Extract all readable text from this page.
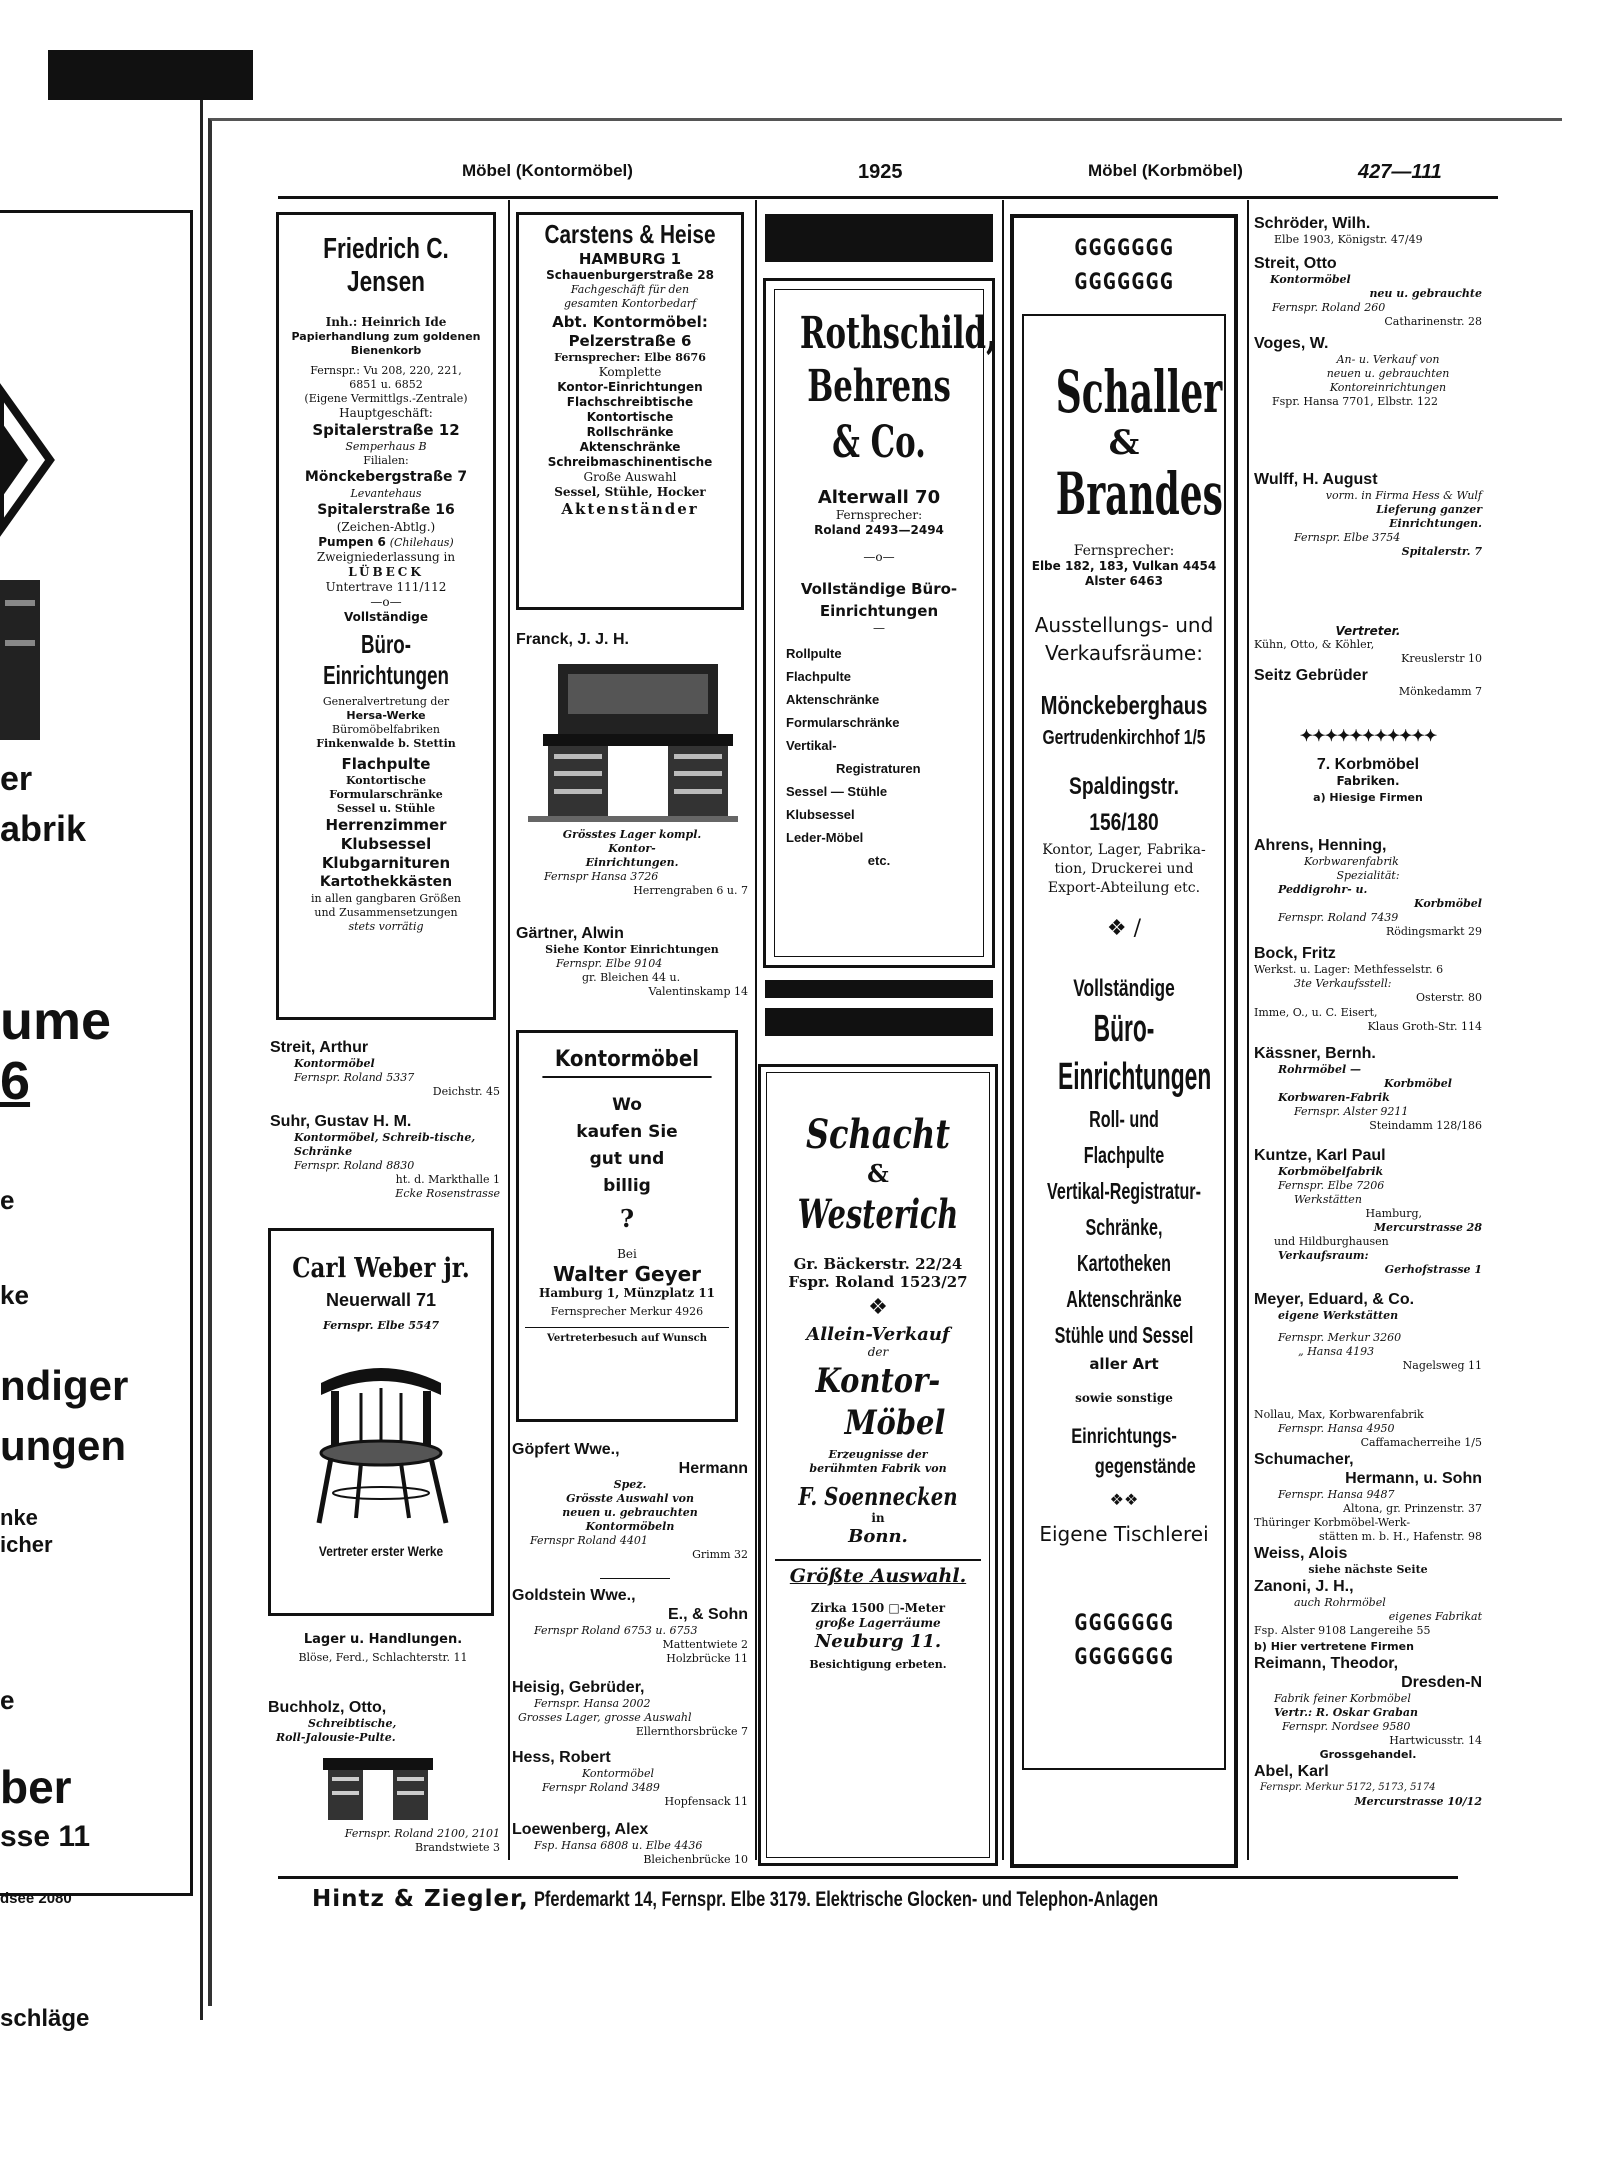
er
abrik
ume
6
e
ke
ndiger
ungen
nke
icher
e
ber
sse 11
dsee 2080
schläge
Möbel (Kontormöbel)	1925	Möbel (Korbmöbel)	427—111
Friedrich C. Jensen
Inh.: Heinrich Ide
Papierhandlung zum goldenen
Bienenkorb
Fernspr.: Vu 208, 220, 221,
6851 u. 6852
(Eigene Vermittlgs.-Zentrale)
Hauptgeschäft:
Spitalerstraße 12
Semperhaus B
Filialen:
Mönckebergstraße 7
Levantehaus
Spitalerstraße 16
(Zeichen-Abtlg.)
Pumpen 6 (Chilehaus)
Zweigniederlassung in
LÜBECK
Untertrave 111/112
—o—
Vollständige
Büro-Einrichtungen
Generalvertretung der
Hersa-Werke
Büromöbelfabriken
Finkenwalde b. Stettin
Flachpulte
Kontortische
Formularschränke
Sessel u. Stühle
Herrenzimmer
Klubsessel
Klubgarnituren
Kartothekkästen
in allen gangbaren Größen
und Zusammensetzungen
stets vorrätig
Streit, Arthur
Kontormöbel
Fernspr. Roland 5337
Deichstr. 45
Suhr, Gustav H. M.
Kontormöbel, Schreib-tische, Schränke
Fernspr. Roland 8830
ht. d. Markthalle 1
Ecke Rosenstrasse
Carl Weber jr.
Neuerwall 71
Fernspr. Elbe 5547
Vertreter erster Werke
Lager u. Handlungen.
Blöse, Ferd., Schlachterstr. 11
Buchholz, Otto,
Schreibtische,
Roll-Jalousie-Pulte.
Fernspr. Roland 2100, 2101
Brandstwiete 3
Carstens & Heise
HAMBURG 1
Schauenburgerstraße 28
Fachgeschäft für den
gesamten Kontorbedarf
Abt. Kontormöbel:
Pelzerstraße 6
Fernsprecher: Elbe 8676
Komplette
Kontor-Einrichtungen
Flachschreibtische
Kontortische
Rollschränke
Aktenschränke
Schreibmaschinentische
Große Auswahl
Sessel, Stühle, Hocker
Aktenständer
Franck, J. J. H.
Grösstes Lager kompl.
Kontor-
Einrichtungen.
Fernspr Hansa 3726
Herrengraben 6 u. 7
Gärtner, Alwin
Siehe Kontor Einrichtungen
Fernspr. Elbe 9104
gr. Bleichen 44 u.
Valentinskamp 14
Kontormöbel
Wo
kaufen Sie
gut und
billig
?
Bei
Walter Geyer
Hamburg 1, Münzplatz 11
Fernsprecher Merkur 4926
Vertreterbesuch auf Wunsch
Göpfert Wwe.,
Hermann
Spez.
Grösste Auswahl von
neuen u. gebrauchten
Kontormöbeln
Fernspr Roland 4401
Grimm 32
Goldstein Wwe.,
E., & Sohn
Fernspr Roland 6753 u. 6753
Mattentwiete 2
Holzbrücke 11
Heisig, Gebrüder,
Fernspr. Hansa 2002
Grosses Lager, grosse Auswahl
Ellernthorsbrücke 7
Hess, Robert
Kontormöbel
Fernspr Roland 3489
Hopfensack 11
Loewenberg, Alex
Fsp. Hansa 6808 u. Elbe 4436
Bleichenbrücke 10
Rothschild,
Behrens
& Co.
Alterwall 70
Fernsprecher:
Roland 2493—2494
—o—
Vollständige Büro-
Einrichtungen
—
Rollpulte
Flachpulte
Aktenschränke
Formularschränke
Vertikal-
Registraturen
Sessel — Stühle
Klubsessel
Leder-Möbel
etc.
Schacht
&
Westerich
Gr. Bäckerstr. 22/24
Fspr. Roland 1523/27
❖
Allein-Verkauf
der
Kontor-
Möbel
Erzeugnisse der
berühmten Fabrik von
F. Soennecken
in
Bonn.
Größte Auswahl.
Zirka 1500 □-Meter
große Lagerräume
Neuburg 11.
Besichtigung erbeten.
GGGGGGG
GGGGGGG
Schaller
&
Brandes
Fernsprecher:
Elbe 182, 183, Vulkan 4454
Alster 6463
Ausstellungs- und
Verkaufsräume:
Mönckeberghaus
Gertrudenkirchhof 1/5
Spaldingstr. 156/180
Kontor, Lager, Fabrika-
tion, Druckerei und
Export-Abteilung etc.
❖ /
Vollständige
Büro-
Einrichtungen
Roll- und Flachpulte
Vertikal-Registratur-
Schränke, Kartotheken
Aktenschränke
Stühle und Sessel
aller Art
sowie sonstige
Einrichtungs-
gegenstände
❖❖
Eigene Tischlerei
GGGGGGG
GGGGGGG
Schröder, Wilh.
Elbe 1903, Königstr. 47/49
Streit, Otto
Kontormöbel
neu u. gebrauchte
Fernspr. Roland 260
Catharinenstr. 28
Voges, W.
An- u. Verkauf von
neuen u. gebrauchten
Kontoreinrichtungen
Fspr. Hansa 7701, Elbstr. 122
Wulff, H. August
vorm. in Firma Hess & Wulf
Lieferung ganzer
Einrichtungen.
Fernspr. Elbe 3754
Spitalerstr. 7
Vertreter.
Kühn, Otto, & Köhler,
Kreuslerstr 10
Seitz Gebrüder
Mönkedamm 7
✦✦✦✦✦✦✦✦✦✦✦
7. Korbmöbel
Fabriken.
a) Hiesige Firmen
Ahrens, Henning,
Korbwarenfabrik
Spezialität:
Peddigrohr- u.
Korbmöbel
Fernspr. Roland 7439
Rödingsmarkt 29
Bock, Fritz
Werkst. u. Lager: Methfesselstr. 6
3te Verkaufsstell:
Osterstr. 80
Imme, O., u. C. Eisert,
Klaus Groth-Str. 114
Kässner, Bernh.
Rohrmöbel —
Korbmöbel
Korbwaren-Fabrik
Fernspr. Alster 9211
Steindamm 128/186
Kuntze, Karl Paul
Korbmöbelfabrik
Fernspr. Elbe 7206
Werkstätten
Hamburg,
Mercurstrasse 28
und Hildburghausen
Verkaufsraum:
Gerhofstrasse 1
Meyer, Eduard, & Co.
eigene Werkstätten
Fernspr. Merkur 3260
„ Hansa 4193
Nagelsweg 11
Nollau, Max, Korbwarenfabrik
Fernspr. Hansa 4950
Caffamacherreihe 1/5
Schumacher,
Hermann, u. Sohn
Fernspr. Hansa 9487
Altona, gr. Prinzenstr. 37
Thüringer Korbmöbel-Werk-
stätten m. b. H., Hafenstr. 98
Weiss, Alois
siehe nächste Seite
Zanoni, J. H.,
auch Rohrmöbel
eigenes Fabrikat
Fsp. Alster 9108 Langereihe 55
b) Hier vertretene Firmen
Reimann, Theodor,
Dresden-N
Fabrik feiner Korbmöbel
Vertr.: R. Oskar Graban
Fernspr. Nordsee 9580
Hartwicusstr. 14
Grossgehandel.
Abel, Karl
Fernspr. Merkur 5172, 5173, 5174
Mercurstrasse 10/12
Hintz & Ziegler, Pferdemarkt 14, Fernspr. Elbe 3179. Elektrische Glocken- und Telephon-Anlagen
